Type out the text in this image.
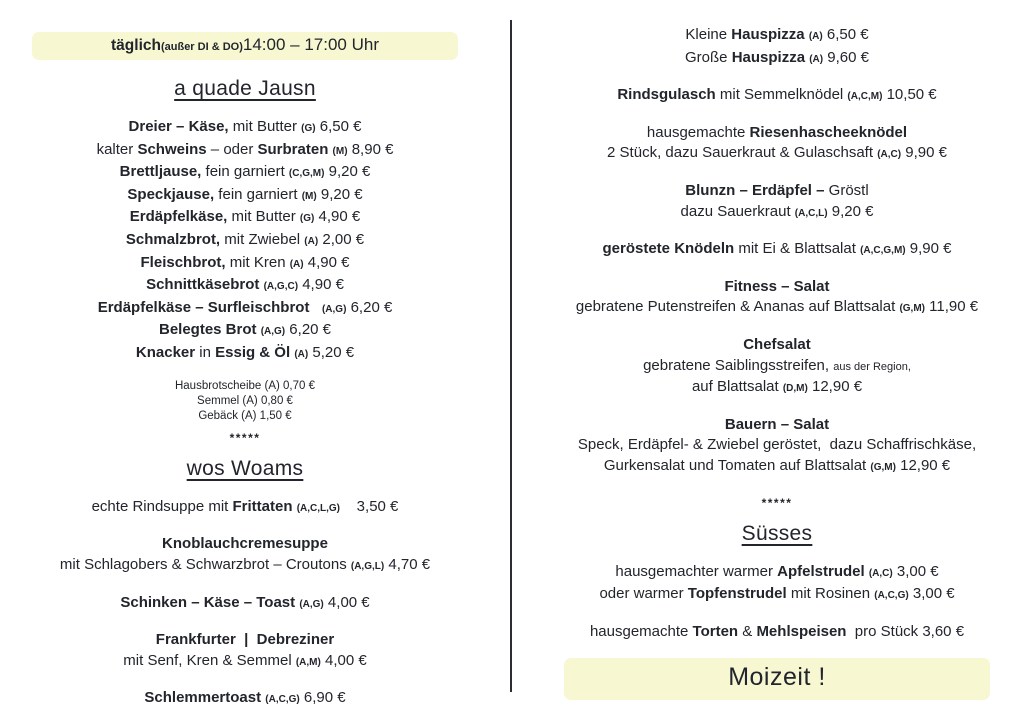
täglich (außer DI & DO) 14:00 – 17:00 Uhr
a quade Jausn
Dreier – Käse, mit Butter (G) 6,50 €
kalter Schweins – oder Surbraten (M) 8,90 €
Brettljause, fein garniert (C,G,M) 9,20 €
Speckjause, fein garniert (M) 9,20 €
Erdäpfelkäse, mit Butter (G) 4,90 €
Schmalzbrot, mit Zwiebel (A) 2,00 €
Fleischbrot, mit Kren (A) 4,90 €
Schnittkäsebrot (A,G,C) 4,90 €
Erdäpfelkäse – Surfleischbrot (A,G) 6,20 €
Belegtes Brot (A,G) 6,20 €
Knacker in Essig & Öl (A) 5,20 €
Hausbrotscheibe (A) 0,70 €
Semmel (A) 0,80 €
Gebäck (A) 1,50 €
*****
wos Woams
echte Rindsuppe mit Frittaten (A,C,L,G)    3,50 €
Knoblauchcremesuppe
mit Schlagobers & Schwarzbrot – Croutons (A,G,L) 4,70 €
Schinken – Käse – Toast (A,G) 4,00 €
Frankfurter  |  Debreziner
mit Senf, Kren & Semmel (A,M) 4,00 €
Schlemmertoast (A,C,G) 6,90 €
Kleine Hauspizza (A) 6,50 €
Große Hauspizza (A) 9,60 €
Rindsgulasch mit Semmelknödel (A,C,M) 10,50 €
hausgemachte Riesenhascheeknödel
2 Stück, dazu Sauerkraut & Gulaschsaft (A,C) 9,90 €
Blunzn – Erdäpfel – Gröstl
dazu Sauerkraut (A,C,L) 9,20 €
geröstete Knödeln mit Ei & Blattsalat (A,C,G,M) 9,90 €
Fitness – Salat
gebratene Putenstreifen & Ananas auf Blattsalat (G,M) 11,90 €
Chefsalat
gebratene Saiblingsstreifen, aus der Region,
auf Blattsalat (D,M) 12,90 €
Bauern – Salat
Speck, Erdäpfel- & Zwiebel geröstet,  dazu Schaffrischkäse,
Gurkensalat und Tomaten auf Blattsalat (G,M) 12,90 €
*****
Süsses
hausgemachter warmer Apfelstrudel (A,C) 3,00 €
oder warmer Topfenstrudel mit Rosinen (A,C,G) 3,00 €
hausgemachte Torten & Mehlspeisen  pro Stück 3,60 €
Moizeit !
